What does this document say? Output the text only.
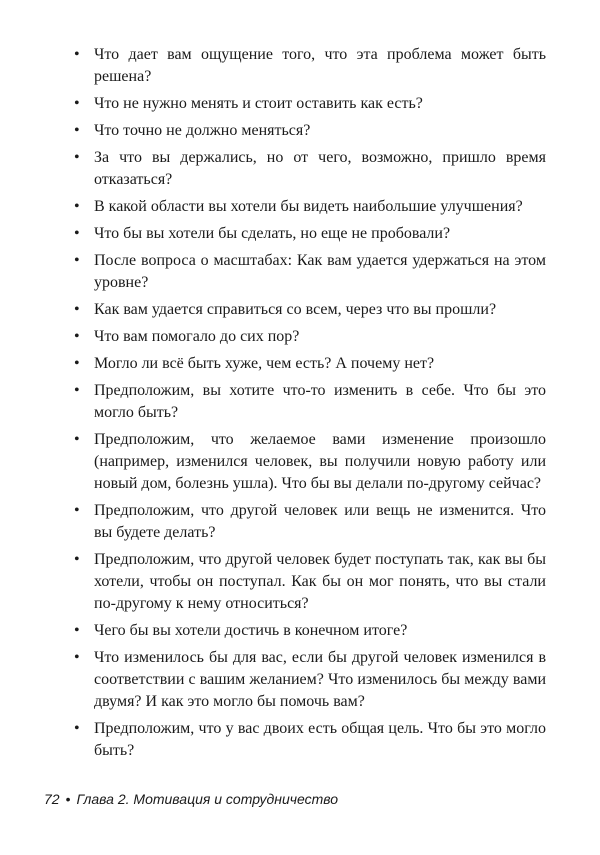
• Что дает вам ощущение того, что эта проблема может быть решена?
• Что не нужно менять и стоит оставить как есть?
• Что точно не должно меняться?
• За что вы держались, но от чего, возможно, пришло время отказаться?
• В какой области вы хотели бы видеть наибольшие улучшения?
• Что бы вы хотели бы сделать, но еще не пробовали?
• После вопроса о масштабах: Как вам удается удержаться на этом уровне?
• Как вам удается справиться со всем, через что вы прошли?
• Что вам помогало до сих пор?
• Могло ли всё быть хуже, чем есть? А почему нет?
• Предположим, вы хотите что-то изменить в себе. Что бы это могло быть?
• Предположим, что желаемое вами изменение произошло (например, изменился человек, вы получили новую работу или новый дом, болезнь ушла). Что бы вы делали по-другому сейчас?
• Предположим, что другой человек или вещь не изменится. Что вы будете делать?
• Предположим, что другой человек будет поступать так, как вы бы хотели, чтобы он поступал. Как бы он мог понять, что вы стали по-другому к нему относиться?
• Чего бы вы хотели достичь в конечном итоге?
• Что изменилось бы для вас, если бы другой человек изменился в соответствии с вашим желанием? Что изменилось бы между вами двумя? И как это могло бы помочь вам?
• Предположим, что у вас двоих есть общая цель. Что бы это могло быть?
72 • Глава 2. Мотивация и сотрудничество
